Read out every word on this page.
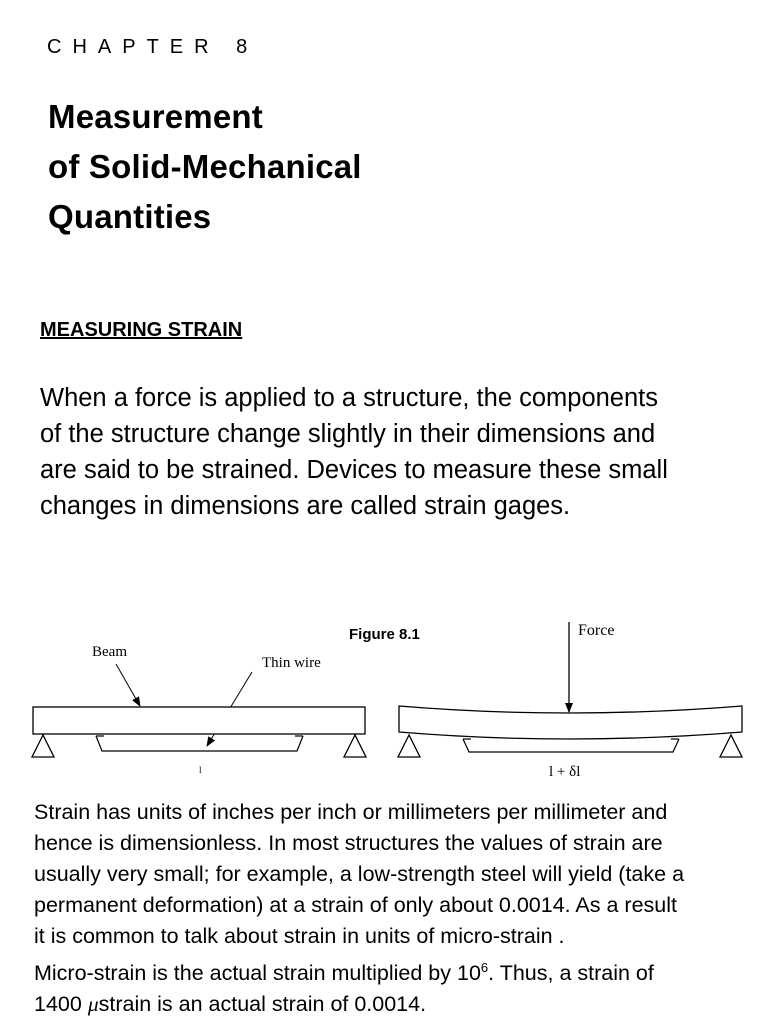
CHAPTER 8
Measurement
of Solid-Mechanical
Quantities
MEASURING STRAIN

When a force is applied to a structure, the components
of the structure change slightly in their dimensions and
are said to be strained. Devices to measure these small
changes in dimensions are called strain gages.

Figure 8.1
Beam
Thin wire
l
Force
l + δl

Strain has units of inches per inch or millimeters per millimeter and
hence is dimensionless. In most structures the values of strain are
usually very small; for example, a low-strength steel will yield (take a
permanent deformation) at a strain of only about 0.0014. As a result
it is common to talk about strain in units of micro-strain .
Micro-strain is the actual strain multiplied by $10^6$. Thus, a strain of
1400 μstrain is an actual strain of 0.0014.
